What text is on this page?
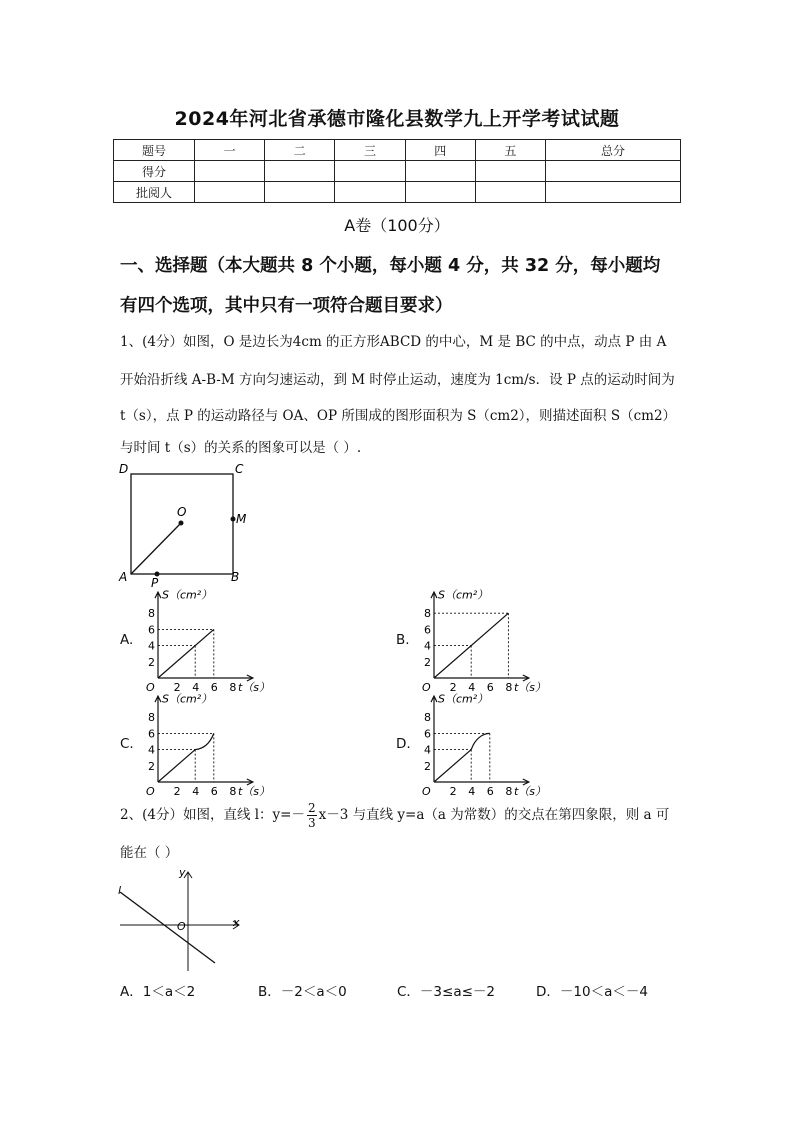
2024年河北省承德市隆化县数学九上开学考试试题
题号	一	二	三	四	五	总分
得分						
批阅人						
A卷（100分）
一、选择题（本大题共 8 个小题，每小题 4 分，共 32 分，每小题均
有四个选项，其中只有一项符合题目要求）
1、(4分）如图，O 是边长为4cm 的正方形ABCD 的中心，M 是 BC 的中点，动点 P 由 A
开始沿折线 A-B-M 方向匀速运动，到 M 时停止运动，速度为 1cm/s．设 P 点的运动时间为
t（s），点 P 的运动路径与 OA、OP 所围成的图形面积为 S（cm2），则描述面积 S（cm2）
与时间 t（s）的关系的图象可以是（ ）.
D	C
A	B
O	M
P
A.	B.
C.	D.
2
4
6
8
2 4 6 8
O
S（cm²）
t（s）
2
4
6
8
2 4 6 8
O
S（cm²）
t（s）
2
4
6
8
2 4 6 8
O
S（cm²）
t（s）
2
4
6
8
2 4 6 8
O
S（cm²）
t（s）
2、(4分）如图，直线 l：$y=- \frac{2}{3} x-3$ 与直线 y=a（a 为常数）的交点在第四象限，则 a 可
能在（ ）
l
y
x
O
A．1＜a＜2	B．－2＜a＜0	C．－3≤a≤－2	D．－10＜a＜－4
